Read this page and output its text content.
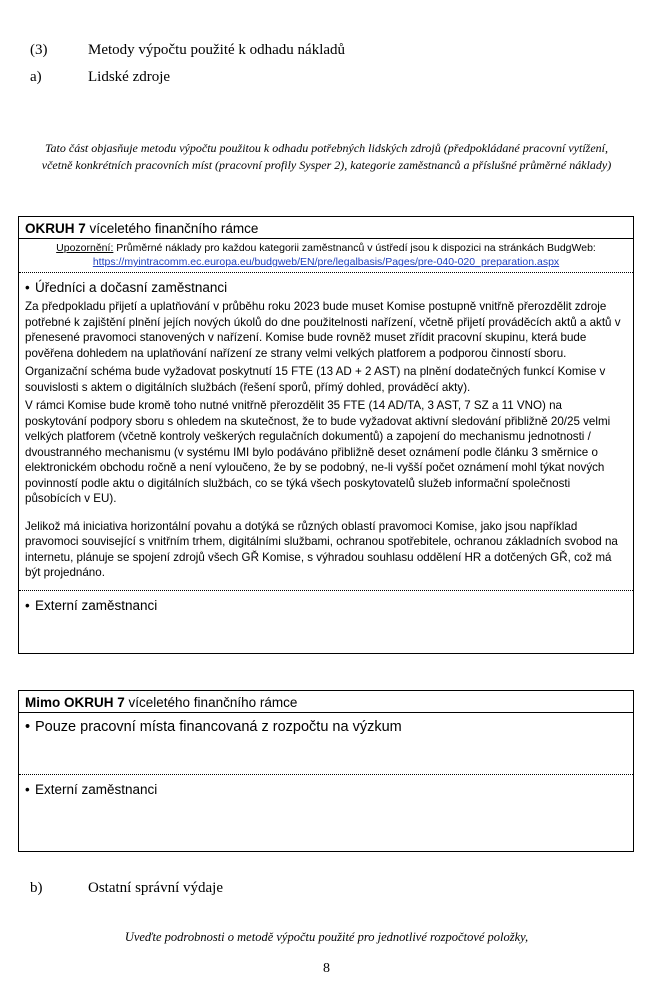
(3)	Metody výpočtu použité k odhadu nákladů
a)	Lidské zdroje
Tato část objasňuje metodu výpočtu použitou k odhadu potřebných lidských zdrojů (předpokládané pracovní vytížení, včetně konkrétních pracovních míst (pracovní profily Sysper 2), kategorie zaměstnanců a příslušné průměrné náklady)
OKRUH 7 víceletého finančního rámce
Upozornění: Průměrné náklady pro každou kategorii zaměstnanců v ústředí jsou k dispozici na stránkách BudgWeb:
https://myintracomm.ec.europa.eu/budgweb/EN/pre/legalbasis/Pages/pre-040-020_preparation.aspx
• Úředníci a dočasní zaměstnanci

Za předpokladu přijetí a uplatňování v průběhu roku 2023 bude muset Komise postupně vnitřně přerozdělit zdroje potřebné k zajištění plnění jejích nových úkolů do dne použitelnosti nařízení, včetně přijetí prováděcích aktů a aktů v přenesené pravomoci stanovených v nařízení. Komise bude rovněž muset zřídit pracovní skupinu, která bude pověřena dohledem na uplatňování nařízení ze strany velmi velkých platforem a podporou činností sboru.

Organizační schéma bude vyžadovat poskytnutí 15 FTE (13 AD + 2 AST) na plnění dodatečných funkcí Komise v souvislosti s aktem o digitálních službách (řešení sporů, přímý dohled, prováděcí akty).

V rámci Komise bude kromě toho nutné vnitřně přerozdělit 35 FTE (14 AD/TA, 3 AST, 7 SZ a 11 VNO) na poskytování podpory sboru s ohledem na skutečnost, že to bude vyžadovat aktivní sledování přibližně 20/25 velmi velkých platforem (včetně kontroly veškerých regulačních dokumentů) a zapojení do mechanismu jednotnosti / dvoustranného mechanismu (v systému IMI bylo podáváno přibližně deset oznámení podle článku 3 směrnice o elektronickém obchodu ročně a není vyloučeno, že by se podobný, ne-li vyšší počet oznámení mohl týkat nových povinností podle aktu o digitálních službách, co se týká všech poskytovatelů služeb informační společnosti působících v EU).

Jelikož má iniciativa horizontální povahu a dotýká se různých oblastí pravomoci Komise, jako jsou například pravomoci související s vnitřním trhem, digitálními službami, ochranou spotřebitele, ochranou základních svobod na internetu, plánuje se spojení zdrojů všech GŘ Komise, s výhradou souhlasu oddělení HR a dotčených GŘ, což má být projednáno.

• Externí zaměstnanci
Mimo OKRUH 7 víceletého finančního rámce
• Pouze pracovní místa financovaná z rozpočtu na výzkum
• Externí zaměstnanci
b)	Ostatní správní výdaje
Uveďte podrobnosti o metodě výpočtu použité pro jednotlivé rozpočtové položky,
8
